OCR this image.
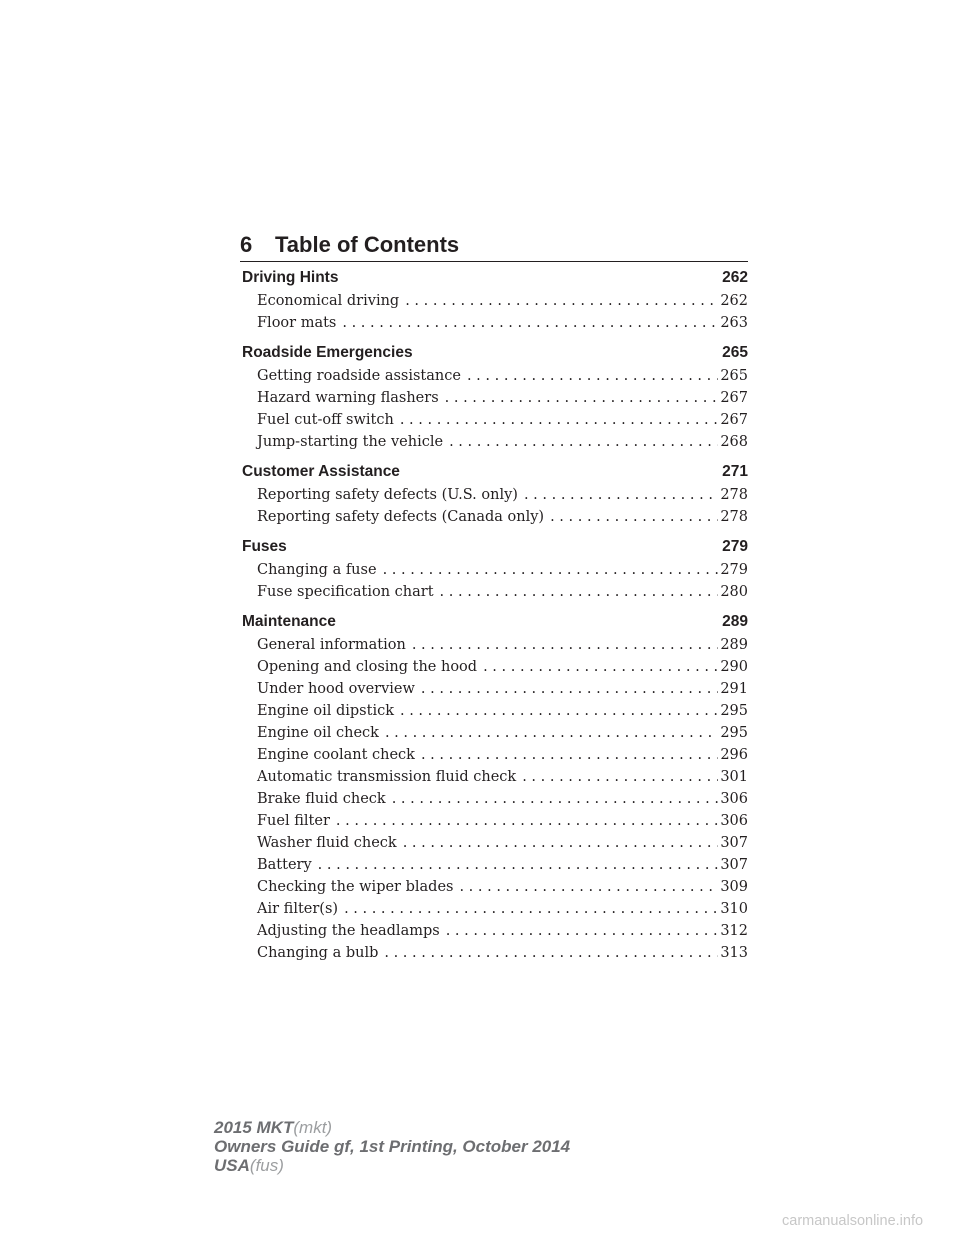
6 Table of Contents
Driving Hints	262
Economical driving . . .	262
Floor mats . . .	263
Roadside Emergencies	265
Getting roadside assistance . . .	265
Hazard warning flashers . . .	267
Fuel cut-off switch . . .	267
Jump-starting the vehicle . . .	268
Customer Assistance	271
Reporting safety defects (U.S. only) . . .	278
Reporting safety defects (Canada only) . . .	278
Fuses	279
Changing a fuse . . .	279
Fuse specification chart . . .	280
Maintenance	289
General information . . .	289
Opening and closing the hood . . .	290
Under hood overview . . .	291
Engine oil dipstick . . .	295
Engine oil check . . .	295
Engine coolant check . . .	296
Automatic transmission fluid check . . .	301
Brake fluid check . . .	306
Fuel filter . . .	306
Washer fluid check . . .	307
Battery . . .	307
Checking the wiper blades . . .	309
Air filter(s) . . .	310
Adjusting the headlamps . . .	312
Changing a bulb . . .	313
2015 MKT(mkt)
Owners Guide gf, 1st Printing, October 2014
USA(fus)
carmanualsonline.info
